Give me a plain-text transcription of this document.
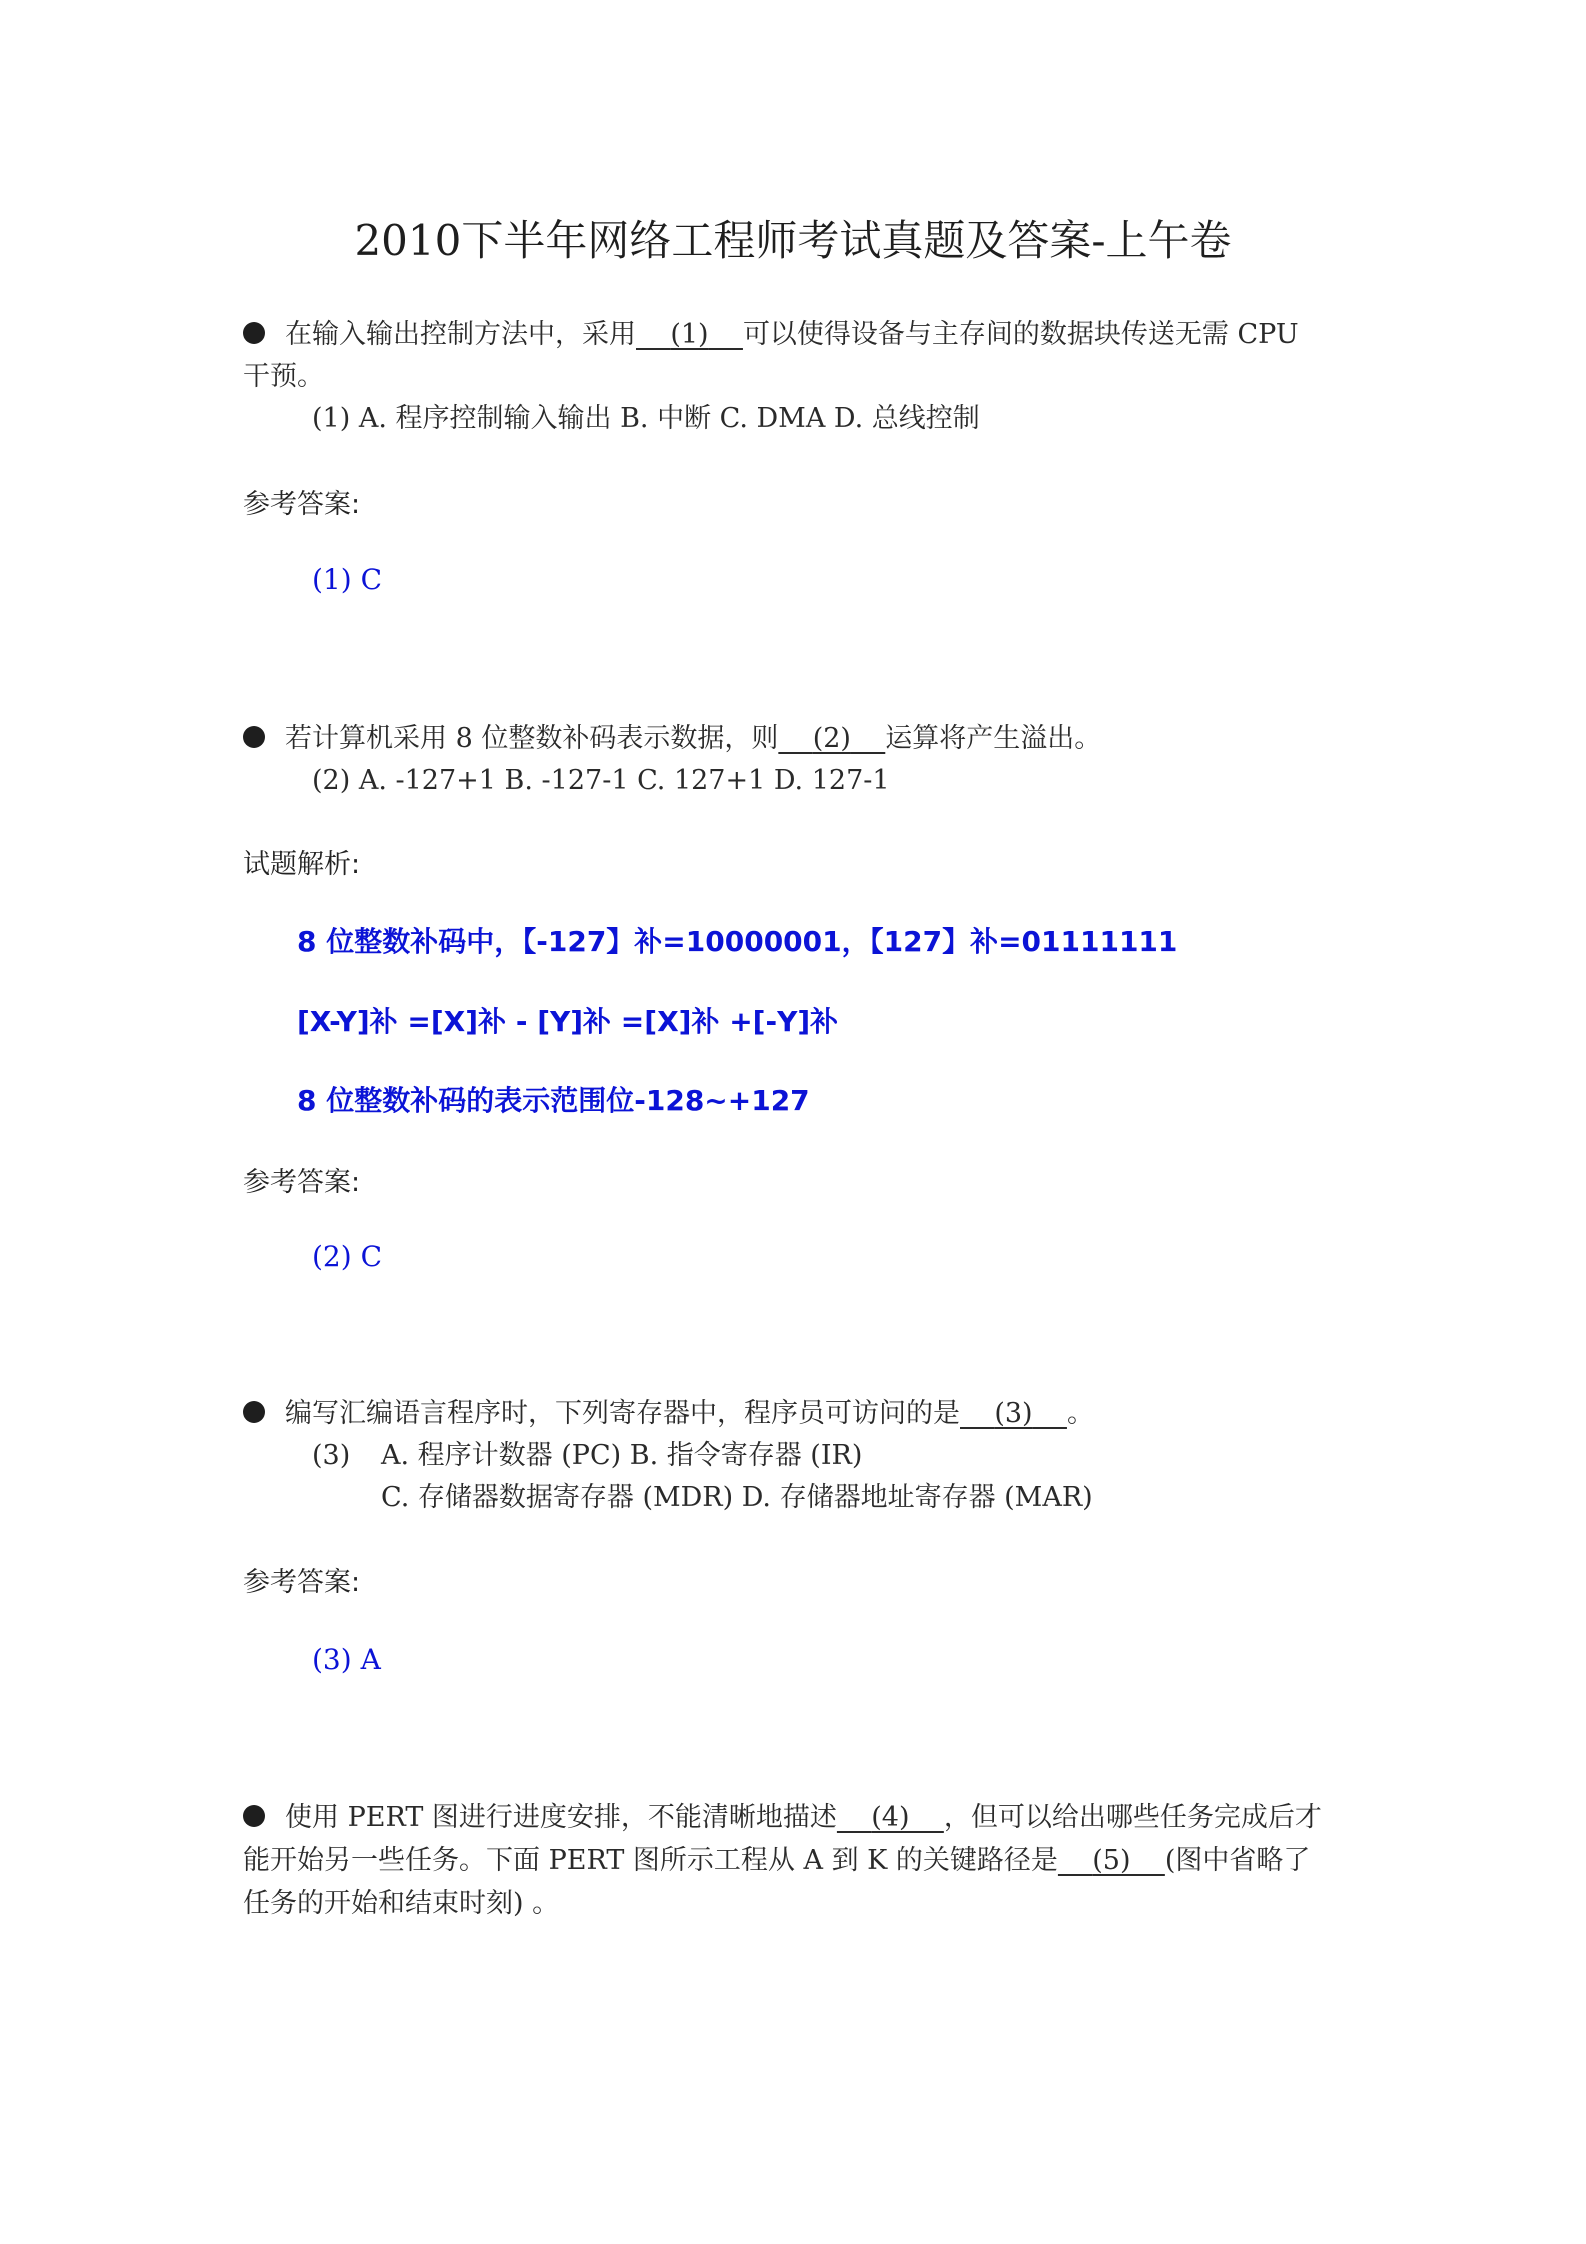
2010下半年网络工程师考试真题及答案-上午卷
在输入输出控制方法中，采用 (1) 可以使得设备与主存间的数据块传送无需 CPU
干预。
(1) A. 程序控制输入输出 B. 中断 C. DMA D. 总线控制
参考答案:
(1) C
若计算机采用 8 位整数补码表示数据，则 (2) 运算将产生溢出。
(2) A. -127+1 B. -127-1 C. 127+1 D. 127-1
试题解析:
8 位整数补码中，【-127】补=10000001，【127】补=01111111
[X-Y]补 =[X]补 - [Y]补 =[X]补 +[-Y]补
8 位整数补码的表示范围位-128~+127
参考答案:
(2) C
编写汇编语言程序时，下列寄存器中，程序员可访问的是 (3) 。
(3) A. 程序计数器 (PC) B. 指令寄存器 (IR)
C. 存储器数据寄存器 (MDR) D. 存储器地址寄存器 (MAR)
参考答案:
(3) A
使用 PERT 图进行进度安排，不能清晰地描述 (4) ，但可以给出哪些任务完成后才
能开始另一些任务。下面 PERT 图所示工程从 A 到 K 的关键路径是 (5) (图中省略了
任务的开始和结束时刻) 。
